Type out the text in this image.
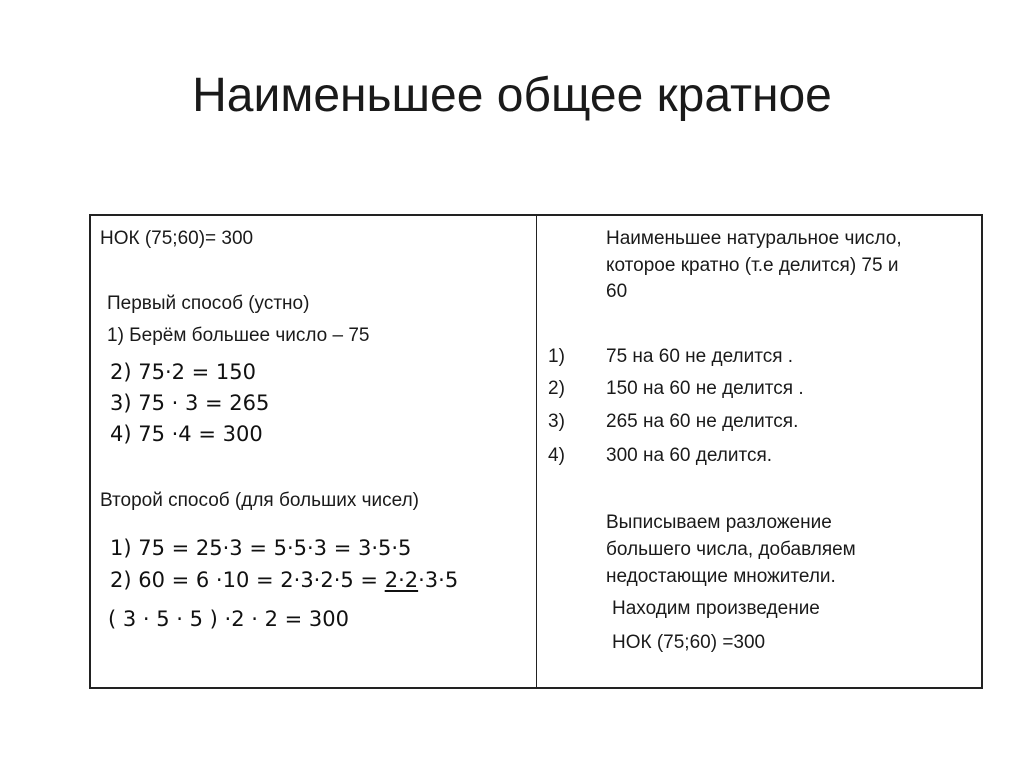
Наименьшее общее кратное
НОК (75;60)= 300
Первый способ (устно)
1) Берём большее число – 75
2) 75·2 = 150
3) 75 · 3 = 265
4) 75 ·4 = 300
Второй способ (для больших чисел)
1) 75 = 25·3 = 5·5·3 = 3·5·5
2) 60 = 6 ·10 = 2·3·2·5 = 2·2·3·5
( 3 · 5 · 5 ) ·2 · 2 = 300
Наименьшее натуральное число,
которое кратно (т.е делится) 75 и
60
1) 75 на 60 не делится .
2) 150 на 60 не делится .
3) 265 на 60 не делится.
4) 300 на 60 делится.
Выписываем разложение
большего числа, добавляем
недостающие множители.
Находим произведение
НОК (75;60) =300
